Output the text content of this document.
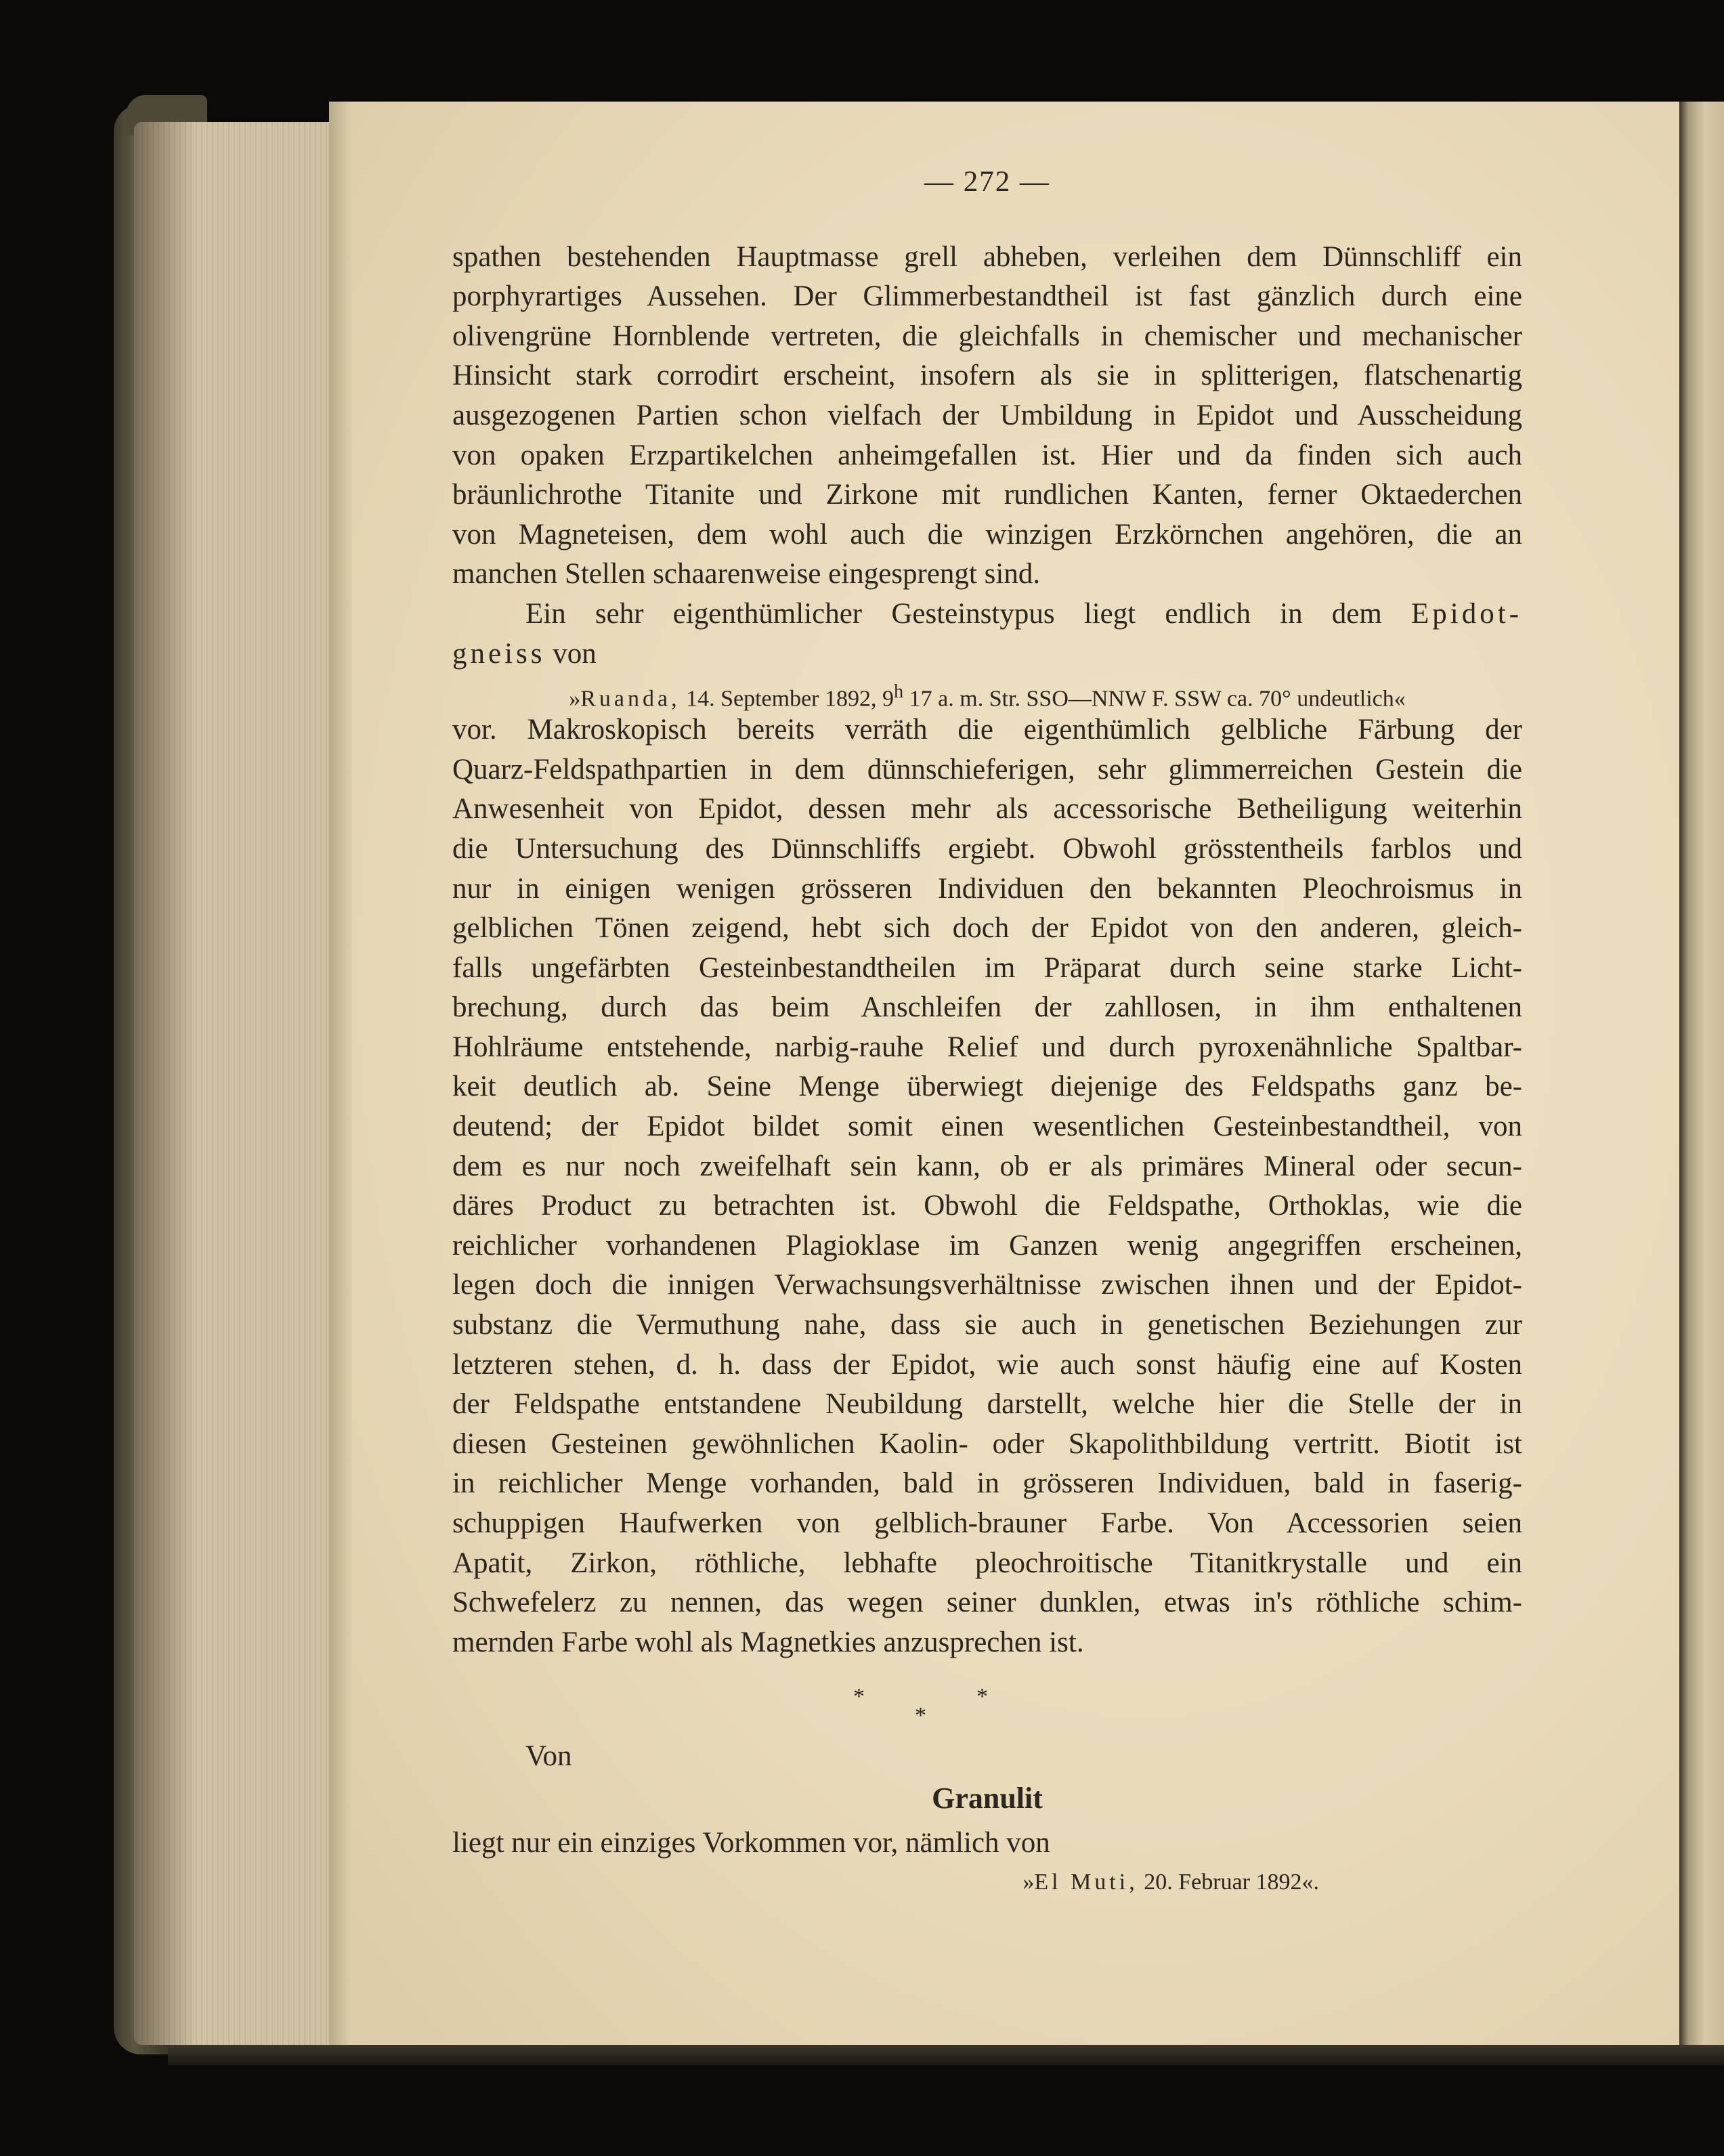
— 272 —
spathen bestehenden Hauptmasse grell abheben, verleihen dem Dünnschliff ein
porphyrartiges Aussehen. Der Glimmerbestandtheil ist fast gänzlich durch eine
olivengrüne Hornblende vertreten, die gleichfalls in chemischer und mechanischer
Hinsicht stark corrodirt erscheint, insofern als sie in splitterigen, flatschenartig
ausgezogenen Partien schon vielfach der Umbildung in Epidot und Ausscheidung
von opaken Erzpartikelchen anheimgefallen ist. Hier und da finden sich auch
bräunlichrothe Titanite und Zirkone mit rundlichen Kanten, ferner Oktaederchen
von Magneteisen, dem wohl auch die winzigen Erzkörnchen angehören, die an
manchen Stellen schaarenweise eingesprengt sind.
Ein sehr eigenthümlicher Gesteinstypus liegt endlich in dem Epidot-
gneiss von
»Ruanda, 14. September 1892, 9$^h$ 17 a. m. Str. SSO—NNW F. SSW ca. 70° undeutlich«
vor. Makroskopisch bereits verräth die eigenthümlich gelbliche Färbung der
Quarz-Feldspathpartien in dem dünnschieferigen, sehr glimmerreichen Gestein die
Anwesenheit von Epidot, dessen mehr als accessorische Betheiligung weiterhin
die Untersuchung des Dünnschliffs ergiebt. Obwohl grösstentheils farblos und
nur in einigen wenigen grösseren Individuen den bekannten Pleochroismus in
gelblichen Tönen zeigend, hebt sich doch der Epidot von den anderen, gleich-
falls ungefärbten Gesteinbestandtheilen im Präparat durch seine starke Licht-
brechung, durch das beim Anschleifen der zahllosen, in ihm enthaltenen
Hohlräume entstehende, narbig-rauhe Relief und durch pyroxenähnliche Spaltbar-
keit deutlich ab. Seine Menge überwiegt diejenige des Feldspaths ganz be-
deutend; der Epidot bildet somit einen wesentlichen Gesteinbestandtheil, von
dem es nur noch zweifelhaft sein kann, ob er als primäres Mineral oder secun-
däres Product zu betrachten ist. Obwohl die Feldspathe, Orthoklas, wie die
reichlicher vorhandenen Plagioklase im Ganzen wenig angegriffen erscheinen,
legen doch die innigen Verwachsungsverhältnisse zwischen ihnen und der Epidot-
substanz die Vermuthung nahe, dass sie auch in genetischen Beziehungen zur
letzteren stehen, d. h. dass der Epidot, wie auch sonst häufig eine auf Kosten
der Feldspathe entstandene Neubildung darstellt, welche hier die Stelle der in
diesen Gesteinen gewöhnlichen Kaolin- oder Skapolithbildung vertritt. Biotit ist
in reichlicher Menge vorhanden, bald in grösseren Individuen, bald in faserig-
schuppigen Haufwerken von gelblich-brauner Farbe. Von Accessorien seien
Apatit, Zirkon, röthliche, lebhafte pleochroitische Titanitkrystalle und ein
Schwefelerz zu nennen, das wegen seiner dunklen, etwas in's röthliche schim-
mernden Farbe wohl als Magnetkies anzusprechen ist.
*	*
*
Von
Granulit
liegt nur ein einziges Vorkommen vor, nämlich von
»El Muti, 20. Februar 1892«.
